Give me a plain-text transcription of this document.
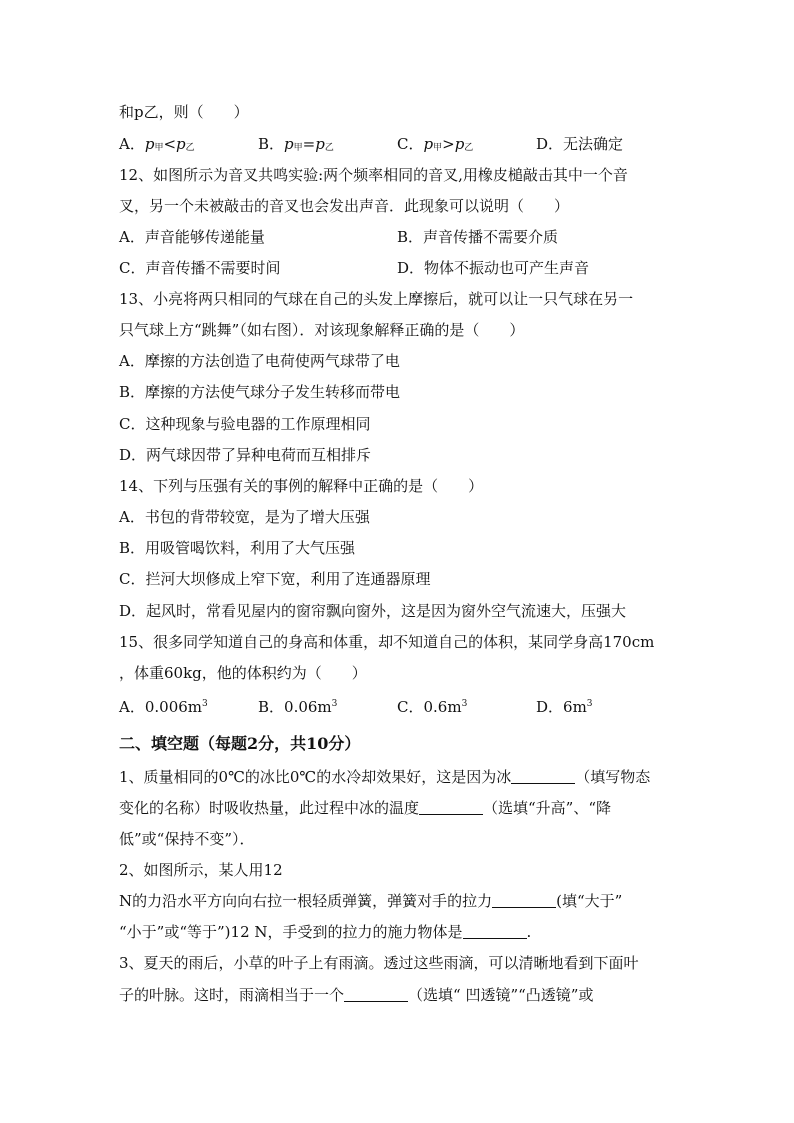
和p乙，则（　　）
A．$p_甲<p_乙$	B．$p_甲=p_乙$	C．$p_甲>p_乙$	D．无法确定
12、如图所示为音叉共鸣实验:两个频率相同的音叉,用橡皮槌敲击其中一个音
叉，另一个未被敲击的音叉也会发出声音．此现象可以说明（　　）
A．声音能够传递能量	B．声音传播不需要介质
C．声音传播不需要时间	D．物体不振动也可产生声音
13、小亮将两只相同的气球在自己的头发上摩擦后，就可以让一只气球在另一
只气球上方“跳舞”（如右图）．对该现象解释正确的是（　　）
A．摩擦的方法创造了电荷使两气球带了电
B．摩擦的方法使气球分子发生转移而带电
C．这种现象与验电器的工作原理相同
D．两气球因带了异种电荷而互相排斥
14、下列与压强有关的事例的解释中正确的是（　　）
A．书包的背带较宽，是为了增大压强
B．用吸管喝饮料，利用了大气压强
C．拦河大坝修成上窄下宽，利用了连通器原理
D．起风时，常看见屋内的窗帘飘向窗外，这是因为窗外空气流速大，压强大
15、很多同学知道自己的身高和体重，却不知道自己的体积，某同学身高170cm
，体重60kg，他的体积约为（　　）
A．$0.006m^3$	B．$0.06m^3$	C．$0.6m^3$	D．$6m^3$
二、填空题（每题2分，共10分）
1、质量相同的0℃的冰比0℃的水冷却效果好，这是因为冰	（填写物态
变化的名称）时吸收热量，此过程中冰的温度	（选填“升高”、“降
低”或“保持不变”）．
2、如图所示，某人用12
N的力沿水平方向向右拉一根轻质弹簧，弹簧对手的拉力	(填“大于”
“小于”或“等于”)12 N，手受到的拉力的施力物体是	.
3、夏天的雨后，小草的叶子上有雨滴。透过这些雨滴，可以清晰地看到下面叶
子的叶脉。这时，雨滴相当于一个	（选填“ 凹透镜”“凸透镜”或
